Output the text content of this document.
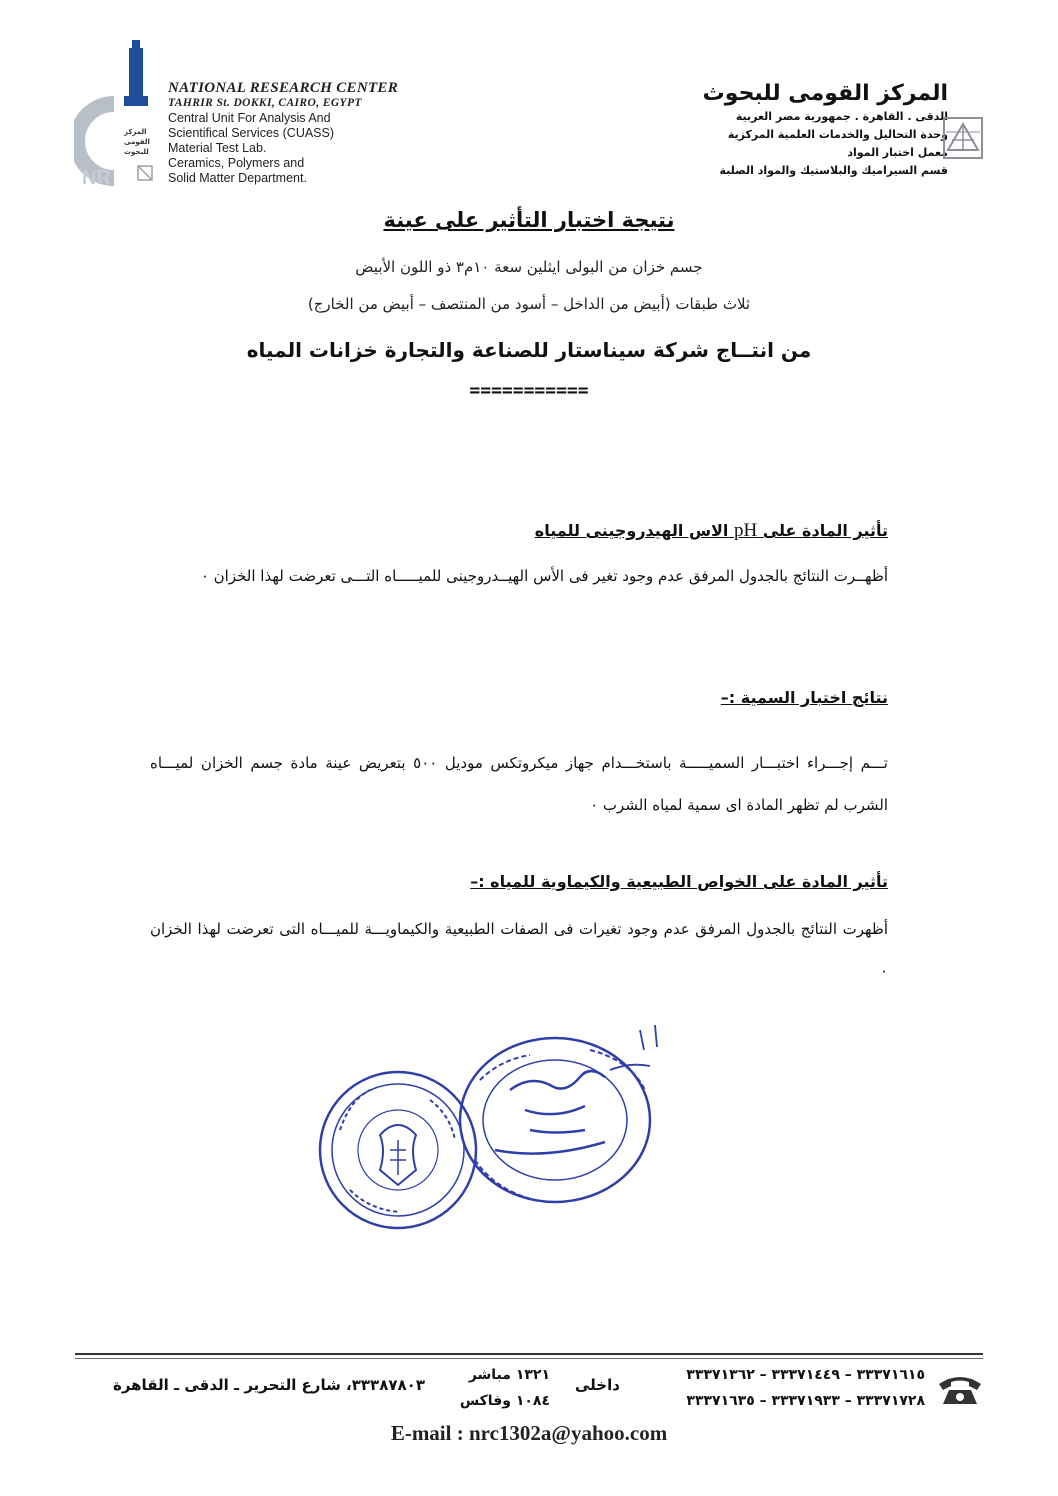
NR
المركز
القومى
للبحوث
NATIONAL RESEARCH CENTER
TAHRIR St. DOKKI, CAIRO, EGYPT
Central Unit For Analysis And
Scientifical Services (CUASS)
Material Test Lab.
Ceramics, Polymers and
Solid Matter Department.
المركز القومى للبحوث
الدقى . القاهرة . جمهورية مصر العربية
وحدة التحاليل والخدمات العلمية المركزية
معمل اختبار المواد
قسم السيراميك والبلاستيك والمواد الصلبة
نتيجة اختبار التأثير على عينة
جسم خزان من البولى ايثلين سعة ١٠م٣ ذو اللون الأبيض
ثلاث طبقات (أبيض من الداخل – أسود من المنتصف – أبيض من الخارج)
من انتــاج شركة سيناستار للصناعة والتجارة خزانات المياه
===========
تأثير المادة على pH الاس الهيدروجينى للمياه
أظهــرت النتائج بالجدول المرفق عدم وجود تغير فى الأس الهيــدروجينى للميـــــاه التـــى تعرضت لهذا الخزان ٠
نتائج اختبار السمية :–
تـــم إجـــراء اختبـــار السميـــــة باستخـــدام جهاز ميكروتكس موديل ٥٠٠ بتعريض عينة مادة جسم الخزان لميـــاه الشرب لم تظهر المادة اى سمية لمياه الشرب ٠
تأثير المادة على الخواص الطبيعية والكيماوية للمياه :–
أظهرت النتائج بالجدول المرفق عدم وجود تغيرات فى الصفات الطبيعية والكيماويـــة للميـــاه التى تعرضت لهذا الخزان ٠
٣٣٣٧١٦١٥ – ٣٣٣٧١٤٤٩ – ٣٣٣٧١٣٦٢
٣٣٣٧١٧٢٨ – ٣٣٣٧١٩٣٣ – ٣٣٣٧١٦٣٥
داخلى
١٣٢١ مباشر
١٠٨٤ وفاكس
٣٣٣٨٧٨٠٣، شارع التحرير ـ الدقى ـ القاهرة
E-mail : nrc1302a@yahoo.com
